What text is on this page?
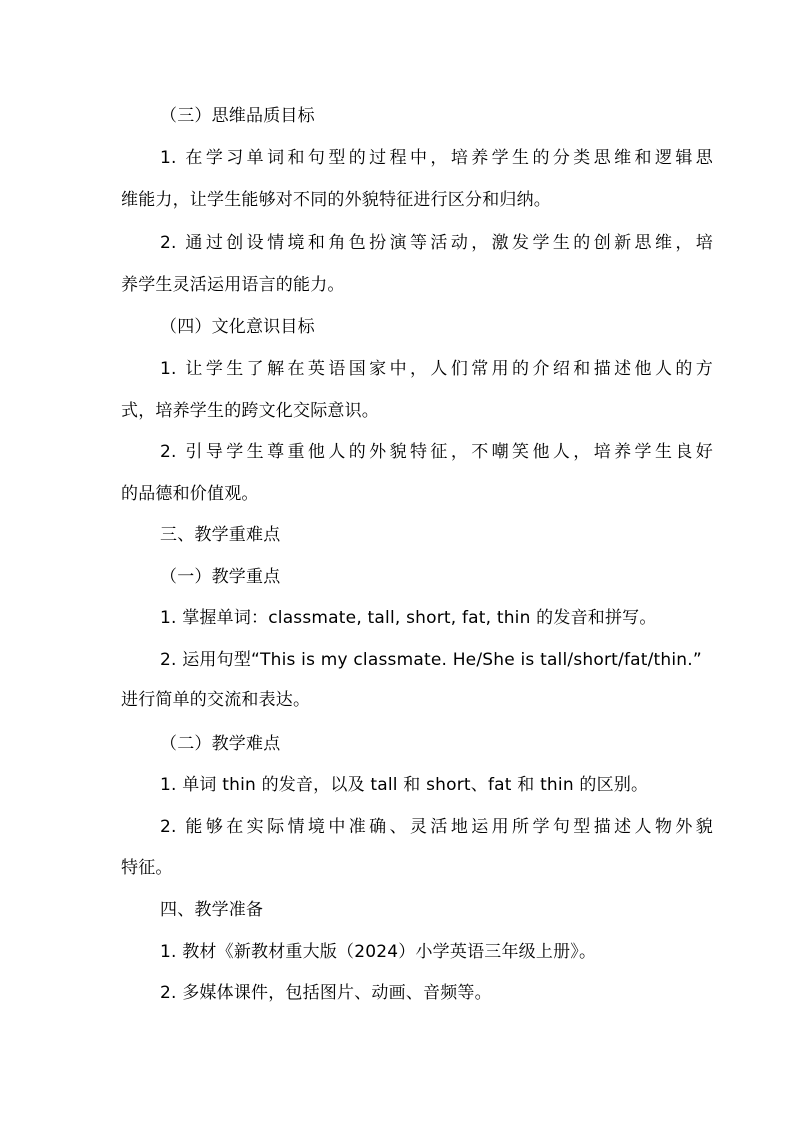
（三）思维品质目标
1. 在学习单词和句型的过程中，培养学生的分类思维和逻辑思
维能力，让学生能够对不同的外貌特征进行区分和归纳。
2. 通过创设情境和角色扮演等活动，激发学生的创新思维，培
养学生灵活运用语言的能力。
（四）文化意识目标
1. 让学生了解在英语国家中，人们常用的介绍和描述他人的方
式，培养学生的跨文化交际意识。
2. 引导学生尊重他人的外貌特征，不嘲笑他人，培养学生良好
的品德和价值观。
三、教学重难点
（一）教学重点
1. 掌握单词：classmate, tall, short, fat, thin 的发音和拼写。
2. 运用句型“This is my classmate. He/She is tall/short/fat/thin.”
进行简单的交流和表达。
（二）教学难点
1. 单词 thin 的发音，以及 tall 和 short、fat 和 thin 的区别。
2. 能够在实际情境中准确、灵活地运用所学句型描述人物外貌
特征。
四、教学准备
1. 教材《新教材重大版（2024）小学英语三年级上册》。
2. 多媒体课件，包括图片、动画、音频等。
